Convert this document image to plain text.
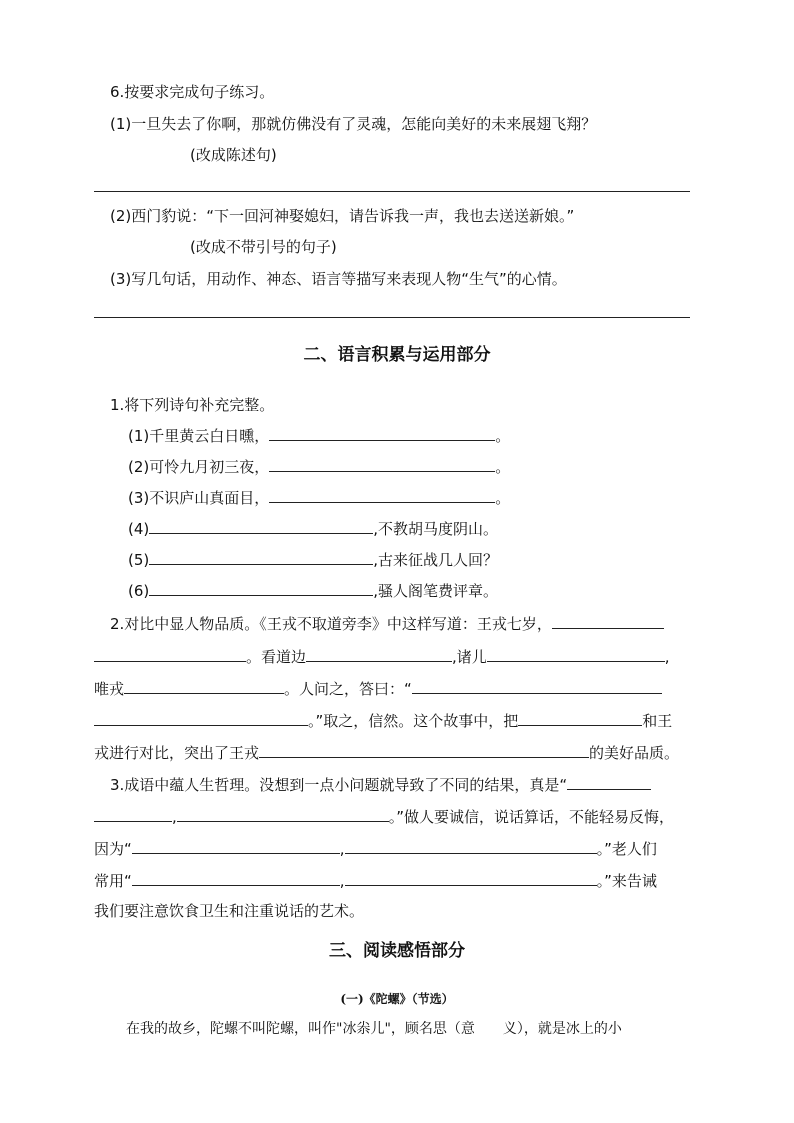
6.按要求完成句子练习。
(1)一旦失去了你啊，那就仿佛没有了灵魂，怎能向美好的未来展翅飞翔？
(改成陈述句)
(2)西门豹说：“下一回河神娶媳妇，请告诉我一声，我也去送送新娘。”
(改成不带引号的句子)
(3)写几句话，用动作、神态、语言等描写来表现人物“生气”的心情。
二、语言积累与运用部分
1.将下列诗句补充完整。
(1)千里黄云白日曛，	。
(2)可怜九月初三夜，	。
(3)不识庐山真面目，	。
(4)	,不教胡马度阴山。
(5)	,古来征战几人回？
(6)	,骚人阁笔费评章。
2.对比中显人物品质。《王戎不取道旁李》中这样写道：王戎七岁，
。看道边	,诸儿	,
唯戎	。人问之，答曰：“
。”取之，信然。这个故事中，把	和王
戎进行对比，突出了王戎	的美好品质。
3.成语中蕴人生哲理。没想到一点小问题就导致了不同的结果，真是“
,	。”做人要诚信，说话算话，不能轻易反悔，
因为“	,	。”老人们
常用“	,	。”来告诫
我们要注意饮食卫生和注重说话的艺术。
三、阅读感悟部分
(一)《陀螺》（节选）
在我的故乡，陀螺不叫陀螺，叫作"冰尜儿"，顾名思（意　　义），就是冰上的小
